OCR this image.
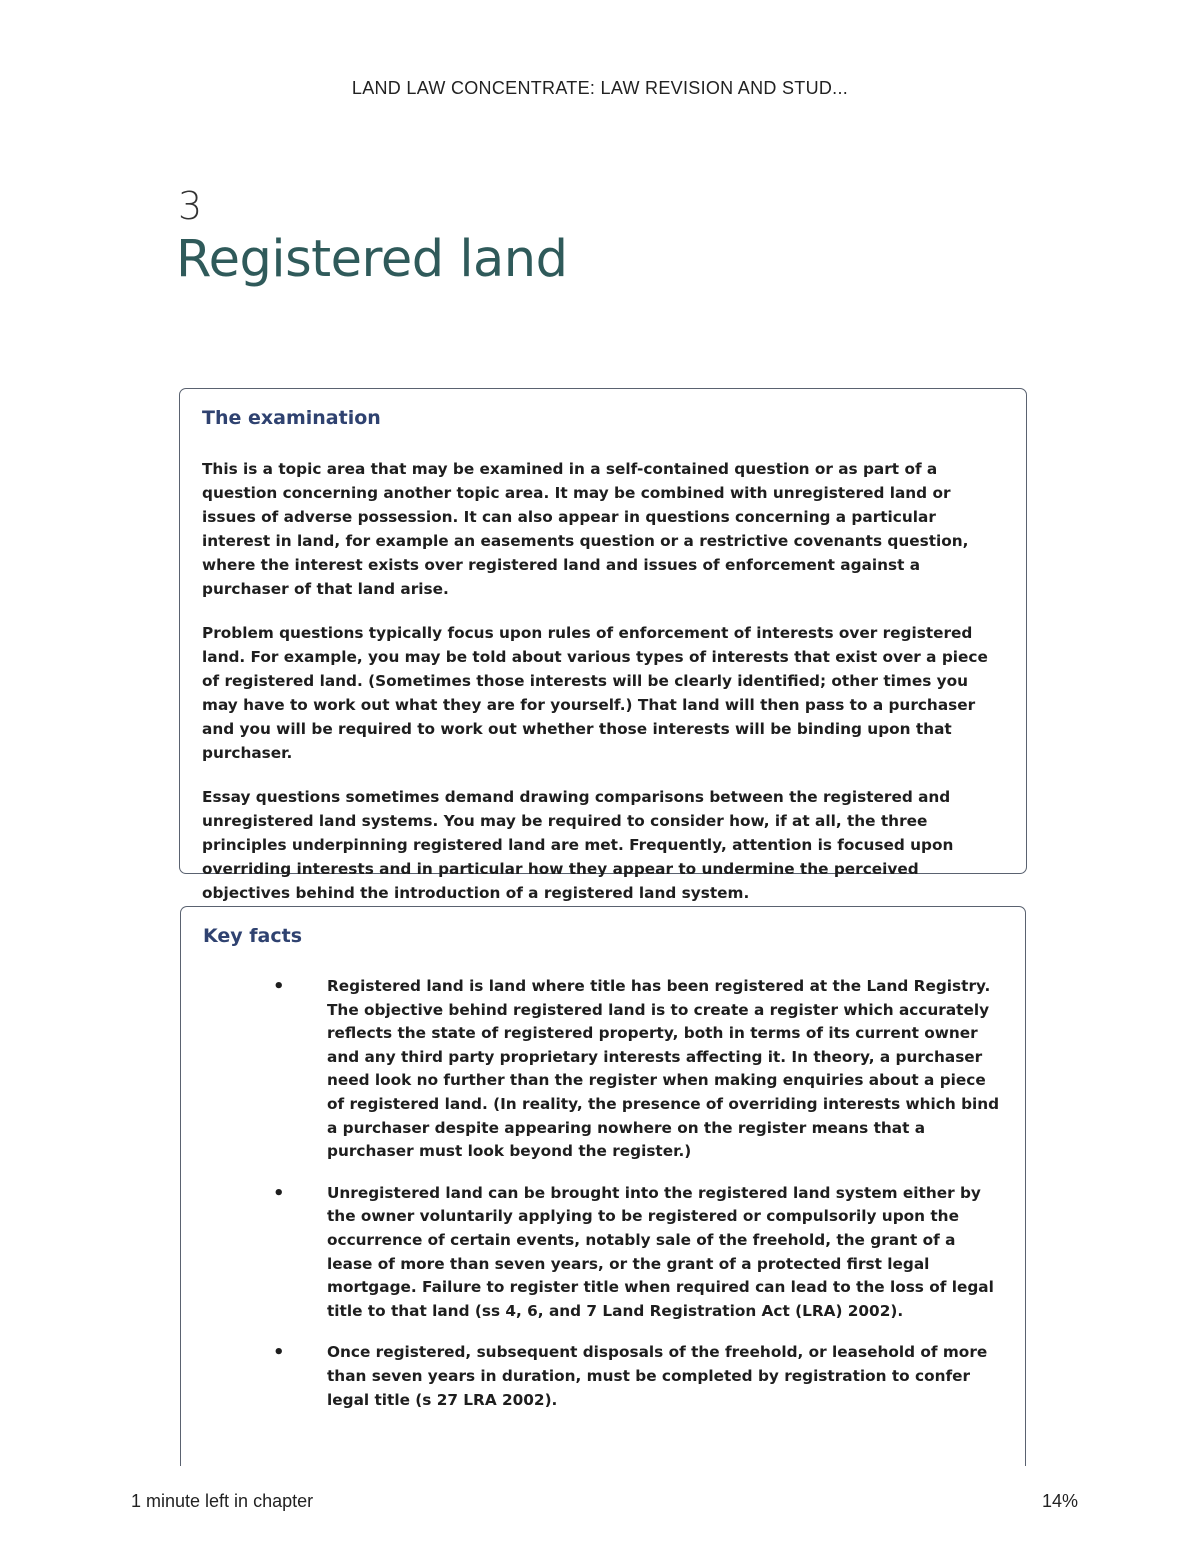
LAND LAW CONCENTRATE: LAW REVISION AND STUD...
3
Registered land
The examination

This is a topic area that may be examined in a self-contained question or as part of a question concerning another topic area. It may be combined with unregistered land or issues of adverse possession. It can also appear in questions concerning a particular interest in land, for example an easements question or a restrictive covenants question, where the interest exists over registered land and issues of enforcement against a purchaser of that land arise.

Problem questions typically focus upon rules of enforcement of interests over registered land. For example, you may be told about various types of interests that exist over a piece of registered land. (Sometimes those interests will be clearly identified; other times you may have to work out what they are for yourself.) That land will then pass to a purchaser and you will be required to work out whether those interests will be binding upon that purchaser.

Essay questions sometimes demand drawing comparisons between the registered and unregistered land systems. You may be required to consider how, if at all, the three principles underpinning registered land are met. Frequently, attention is focused upon overriding interests and in particular how they appear to undermine the perceived objectives behind the introduction of a registered land system.

Key facts
•	Registered land is land where title has been registered at the Land Registry. The objective behind registered land is to create a register which accurately reflects the state of registered property, both in terms of its current owner and any third party proprietary interests affecting it. In theory, a purchaser need look no further than the register when making enquiries about a piece of registered land. (In reality, the presence of overriding interests which bind a purchaser despite appearing nowhere on the register means that a purchaser must look beyond the register.)
•	Unregistered land can be brought into the registered land system either by the owner voluntarily applying to be registered or compulsorily upon the occurrence of certain events, notably sale of the freehold, the grant of a lease of more than seven years, or the grant of a protected first legal mortgage. Failure to register title when required can lead to the loss of legal title to that land (ss 4, 6, and 7 Land Registration Act (LRA) 2002).
•	Once registered, subsequent disposals of the freehold, or leasehold of more than seven years in duration, must be completed by registration to confer legal title (s 27 LRA 2002).
1 minute left in chapter	14%
